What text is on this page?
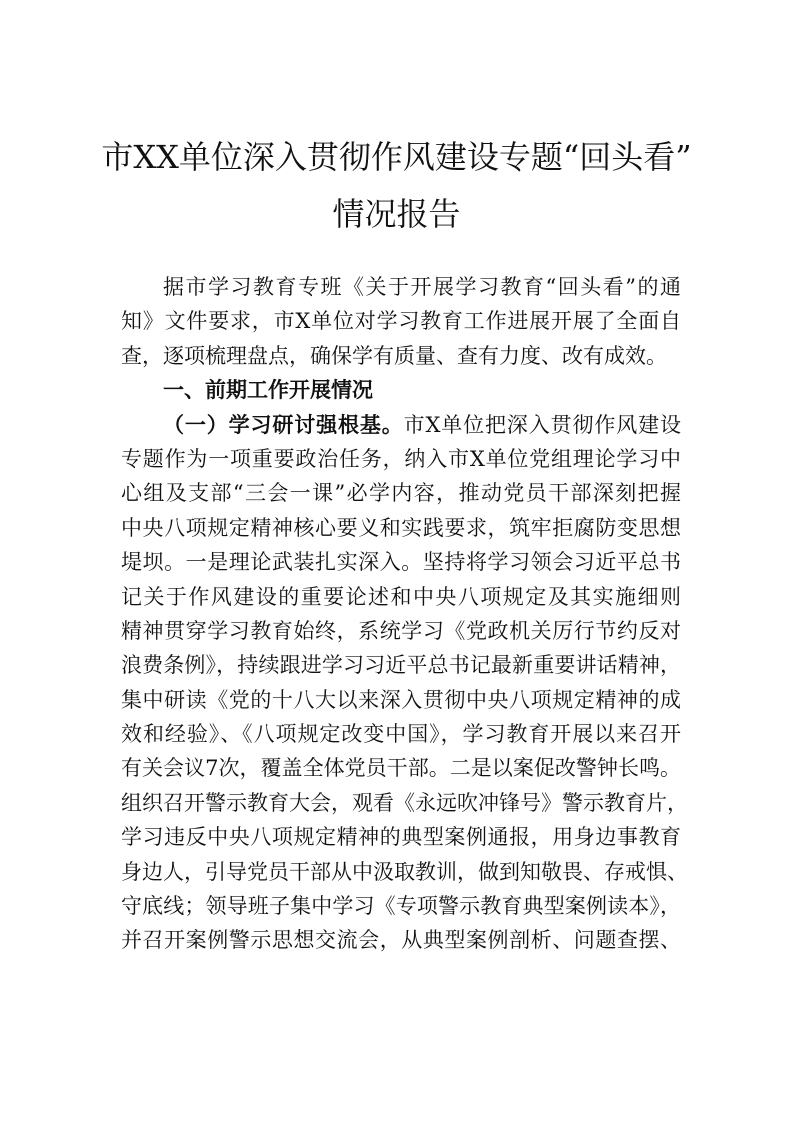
市XX单位深入贯彻作风建设专题“回头看”
情况报告
据市学习教育专班《关于开展学习教育“回头看”的通
知》文件要求，市X单位对学习教育工作进展开展了全面自
查，逐项梳理盘点，确保学有质量、查有力度、改有成效。
一、前期工作开展情况
（一）学习研讨强根基。市X单位把深入贯彻作风建设
专题作为一项重要政治任务，纳入市X单位党组理论学习中
心组及支部“三会一课”必学内容，推动党员干部深刻把握
中央八项规定精神核心要义和实践要求，筑牢拒腐防变思想
堤坝。一是理论武装扎实深入。坚持将学习领会习近平总书
记关于作风建设的重要论述和中央八项规定及其实施细则
精神贯穿学习教育始终，系统学习《党政机关厉行节约反对
浪费条例》，持续跟进学习习近平总书记最新重要讲话精神，
集中研读《党的十八大以来深入贯彻中央八项规定精神的成
效和经验》、《八项规定改变中国》，学习教育开展以来召开
有关会议7次，覆盖全体党员干部。二是以案促改警钟长鸣。
组织召开警示教育大会，观看《永远吹冲锋号》警示教育片，
学习违反中央八项规定精神的典型案例通报，用身边事教育
身边人，引导党员干部从中汲取教训，做到知敬畏、存戒惧、
守底线；领导班子集中学习《专项警示教育典型案例读本》，
并召开案例警示思想交流会，从典型案例剖析、问题查摆、
